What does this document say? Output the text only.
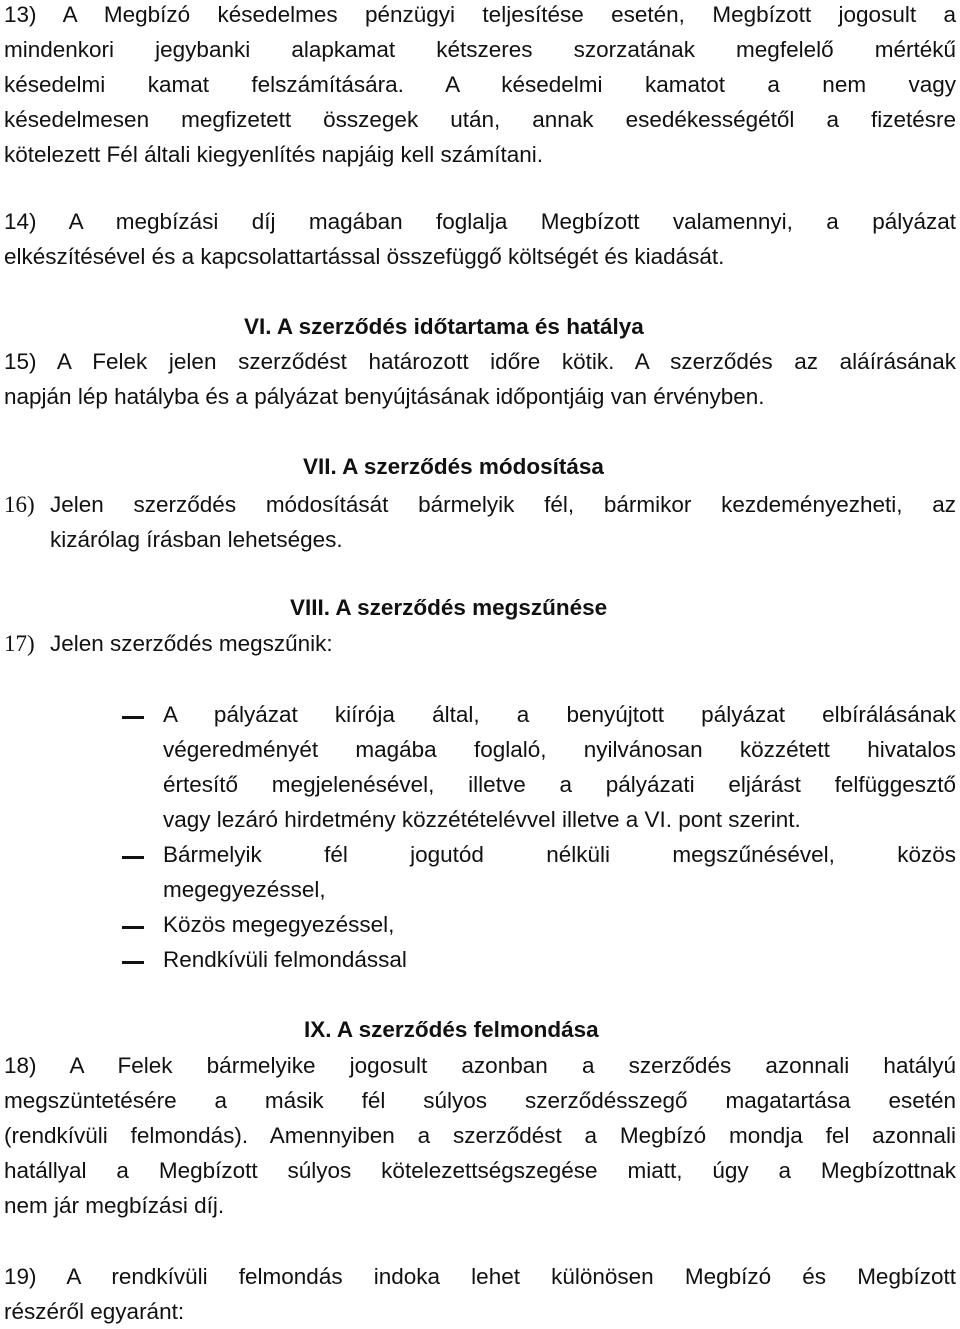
13) A Megbízó késedelmes pénzügyi teljesítése esetén, Megbízott jogosult a
mindenkori jegybanki alapkamat kétszeres szorzatának megfelelő mértékű
késedelmi kamat felszámítására. A késedelmi kamatot a nem vagy
késedelmesen megfizetett összegek után, annak esedékességétől a fizetésre
kötelezett Fél általi kiegyenlítés napjáig kell számítani.
14) A megbízási díj magában foglalja Megbízott valamennyi, a pályázat
elkészítésével és a kapcsolattartással összefüggő költségét és kiadását.
VI. A szerződés időtartama és hatálya
15) A Felek jelen szerződést határozott időre kötik. A szerződés az aláírásának
napján lép hatályba és a pályázat benyújtásának időpontjáig van érvényben.
VII. A szerződés módosítása
16) Jelen szerződés módosítását bármelyik fél, bármikor kezdeményezheti, az
kizárólag írásban lehetséges.
VIII. A szerződés megszűnése
17) Jelen szerződés megszűnik:
A pályázat kiírója által, a benyújtott pályázat elbírálásának
végeredményét magába foglaló, nyilvánosan közzétett hivatalos
értesítő megjelenésével, illetve a pályázati eljárást felfüggesztő
vagy lezáró hirdetmény közzétételévvel illetve a VI. pont szerint.
Bármelyik fél jogutód nélküli megszűnésével, közös
megegyezéssel,
Közös megegyezéssel,
Rendkívüli felmondással
IX. A szerződés felmondása
18) A Felek bármelyike jogosult azonban a szerződés azonnali hatályú
megszüntetésére a másik fél súlyos szerződésszegő magatartása esetén
(rendkívüli felmondás). Amennyiben a szerződést a Megbízó mondja fel azonnali
hatállyal a Megbízott súlyos kötelezettségszegése miatt, úgy a Megbízottnak
nem jár megbízási díj.
19) A rendkívüli felmondás indoka lehet különösen Megbízó és Megbízott
részéről egyaránt:
